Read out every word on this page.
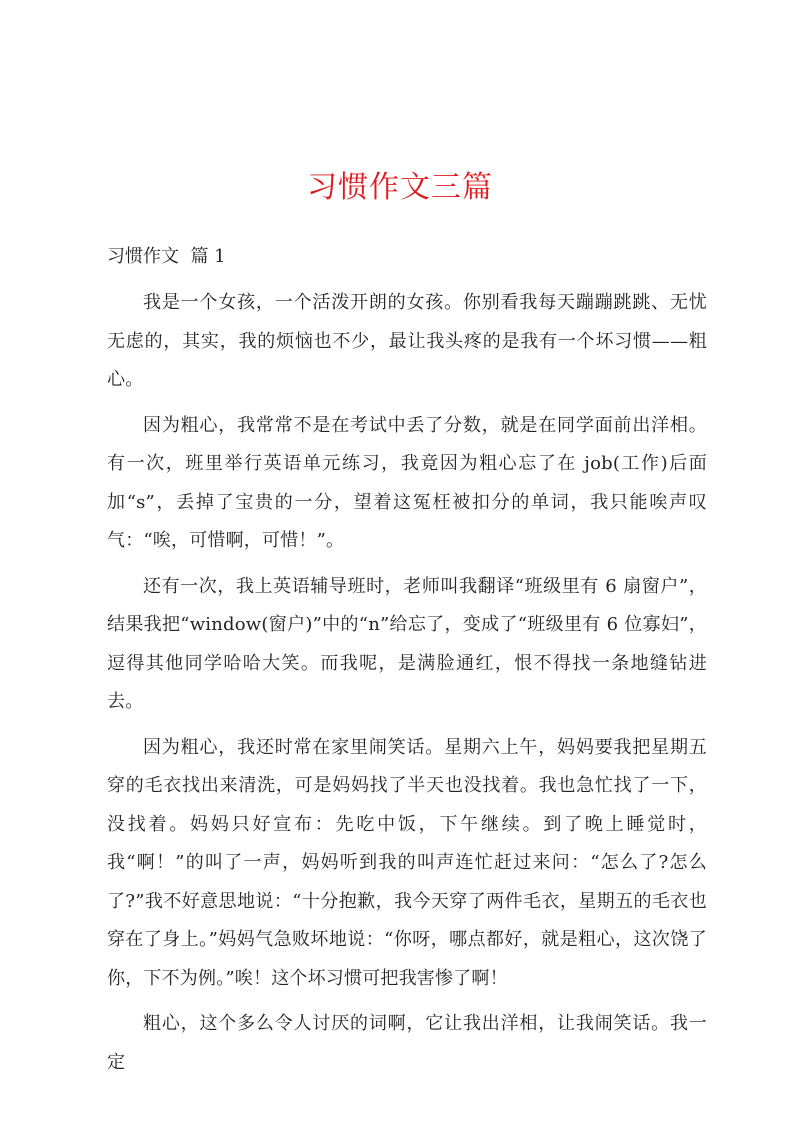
习惯作文三篇
习惯作文  篇 1

我是一个女孩，一个活泼开朗的女孩。你别看我每天蹦蹦跳跳、无忧无虑的，其实，我的烦恼也不少，最让我头疼的是我有一个坏习惯——粗心。

因为粗心，我常常不是在考试中丢了分数，就是在同学面前出洋相。有一次，班里举行英语单元练习，我竟因为粗心忘了在 job(工作)后面加“s”，丢掉了宝贵的一分，望着这冤枉被扣分的单词，我只能唉声叹气：“唉，可惜啊，可惜！”。

还有一次，我上英语辅导班时，老师叫我翻译“班级里有 6 扇窗户”，结果我把“window(窗户)”中的“n”给忘了，变成了“班级里有 6 位寡妇”，逗得其他同学哈哈大笑。而我呢，是满脸通红，恨不得找一条地缝钻进去。

因为粗心，我还时常在家里闹笑话。星期六上午，妈妈要我把星期五穿的毛衣找出来清洗，可是妈妈找了半天也没找着。我也急忙找了一下，没找着。妈妈只好宣布：先吃中饭，下午继续。到了晚上睡觉时，我“啊！”的叫了一声，妈妈听到我的叫声连忙赶过来问：“怎么了?怎么了?”我不好意思地说：“十分抱歉，我今天穿了两件毛衣，星期五的毛衣也穿在了身上。”妈妈气急败坏地说：“你呀，哪点都好，就是粗心，这次饶了你，下不为例。”唉！这个坏习惯可把我害惨了啊！

粗心，这个多么令人讨厌的词啊，它让我出洋相，让我闹笑话。我一定
